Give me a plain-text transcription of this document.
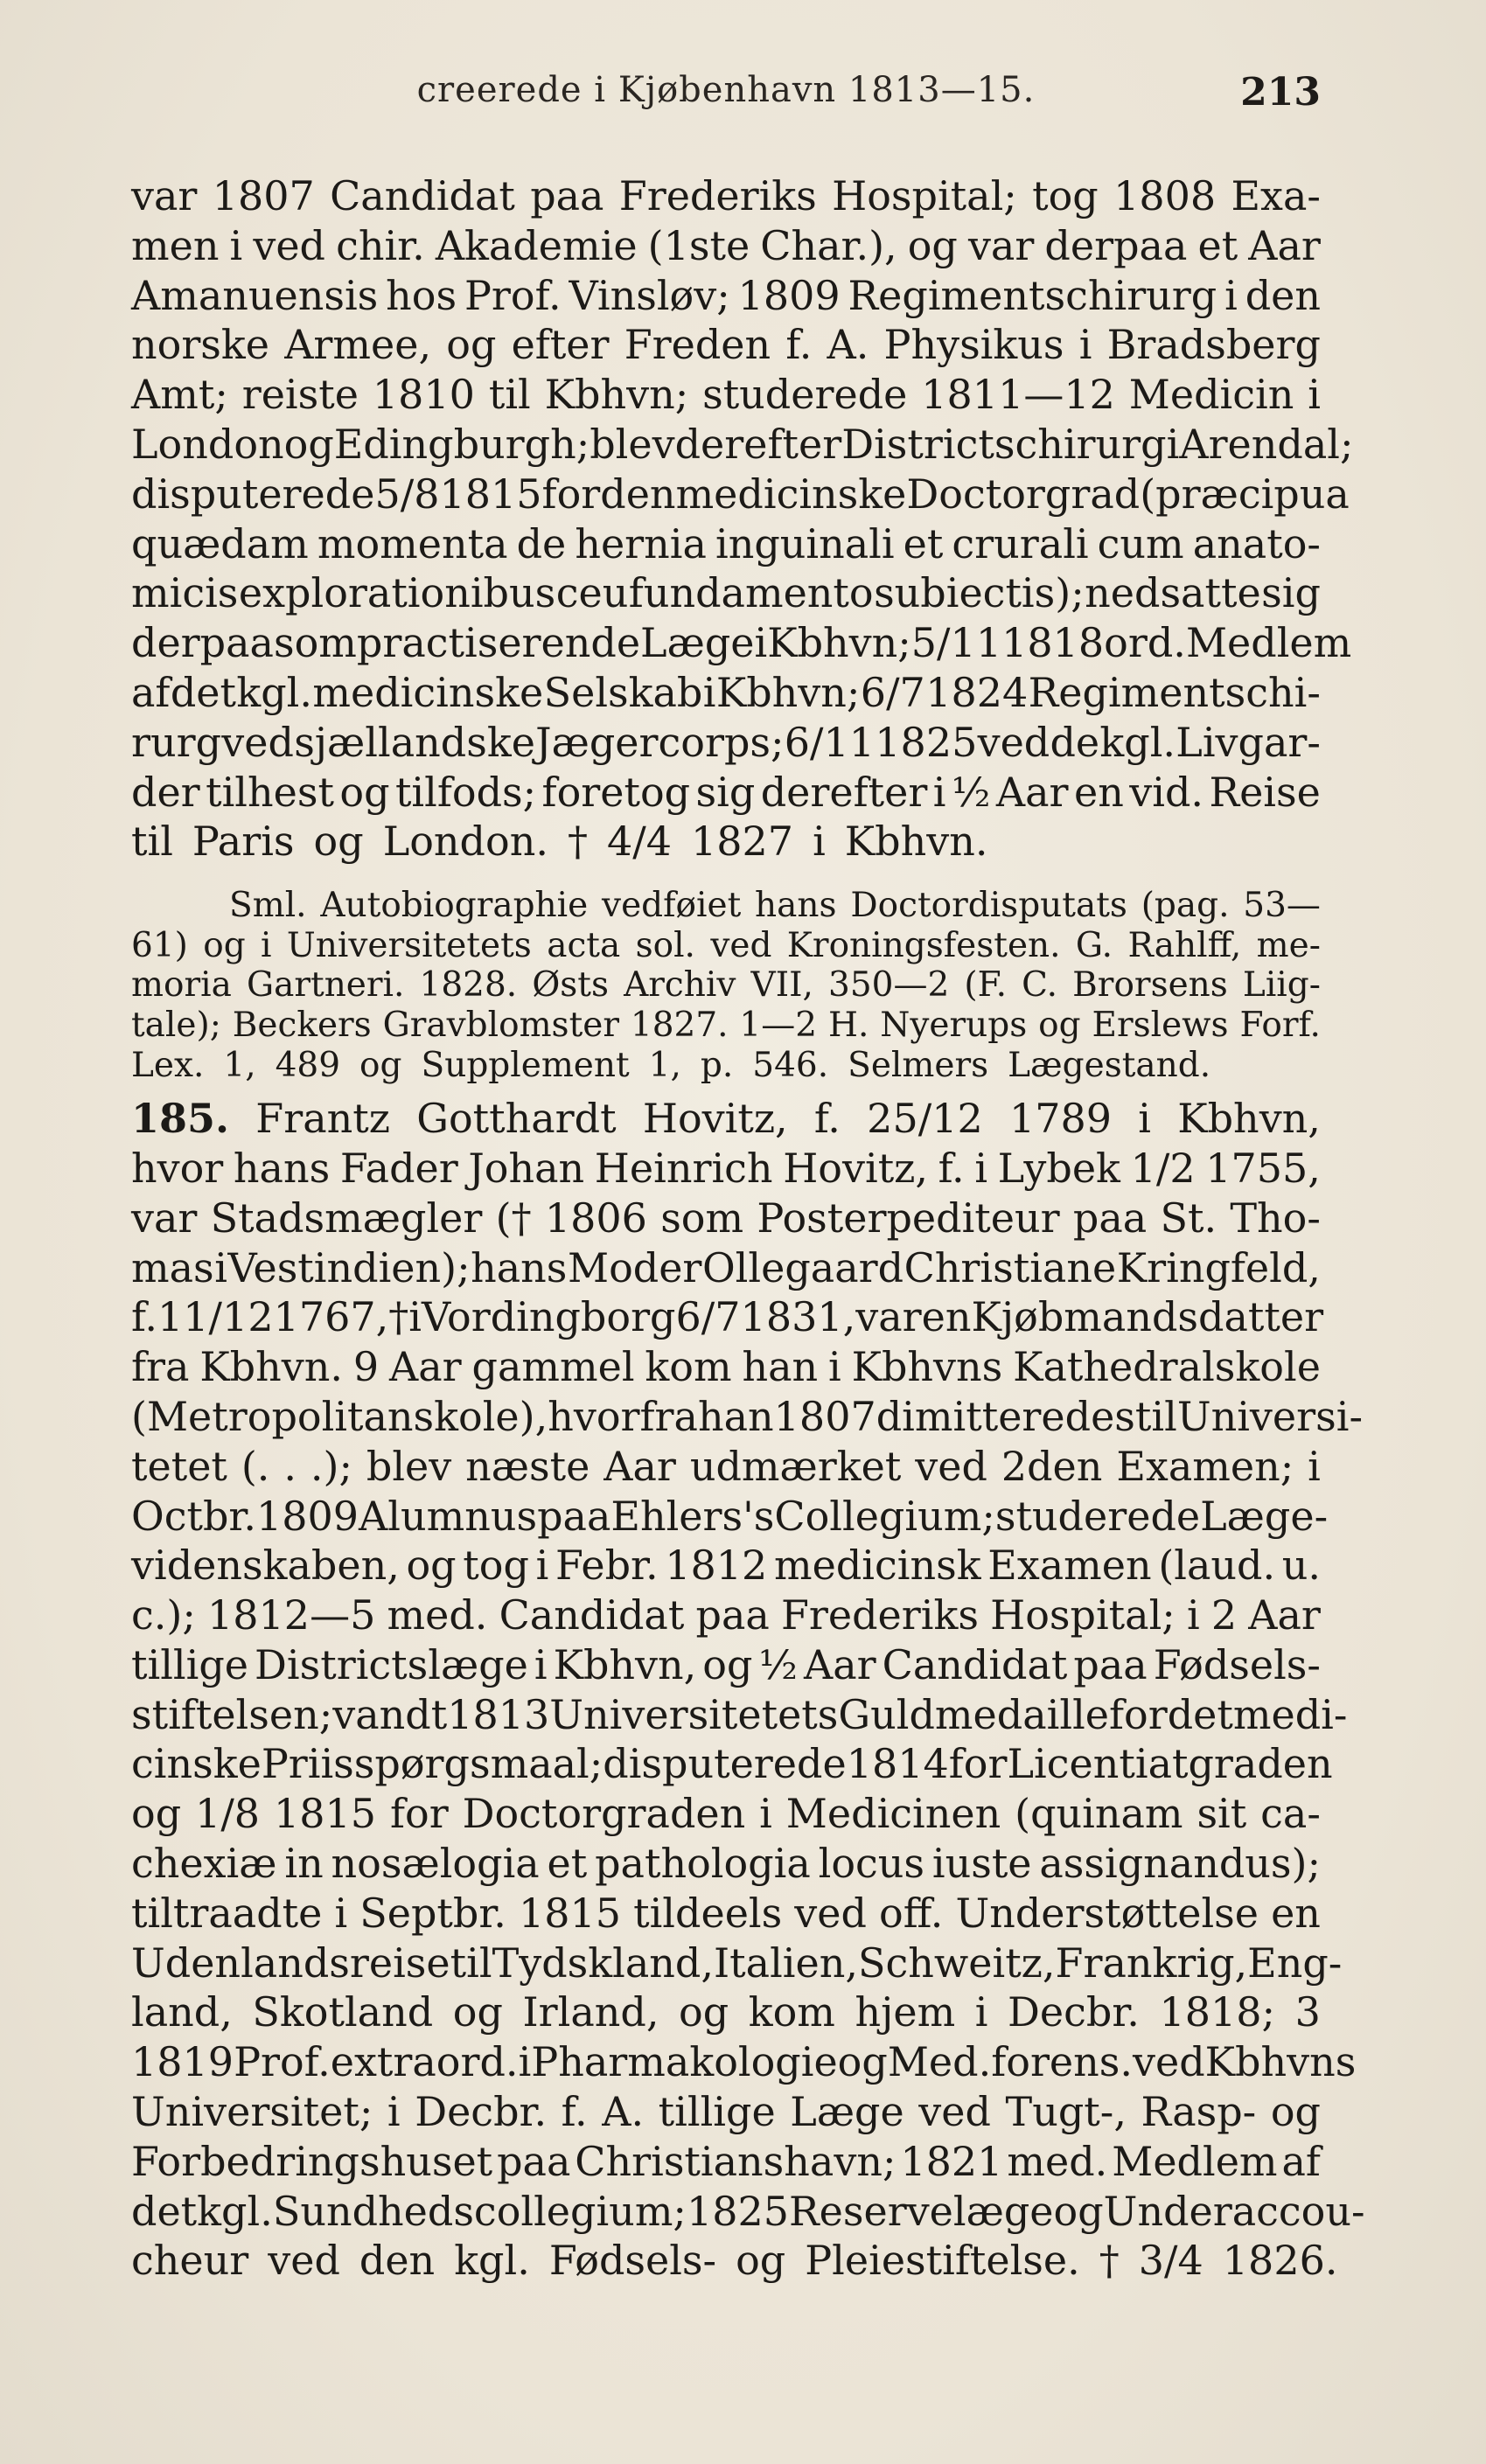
creerede i Kjøbenhavn 1813—15.	213
var 1807 Candidat paa Frederiks Hospital; tog 1808 Exa-
men i ved chir. Akademie (1ste Char.), og var derpaa et Aar
Amanuensis hos Prof. Vinsløv; 1809 Regimentschirurg i den
norske Armee, og efter Freden f. A. Physikus i Bradsberg
Amt; reiste 1810 til Kbhvn; studerede 1811—12 Medicin i
London og Edingburgh; blev derefter Districtschirurg i Arendal;
disputerede 5/8 1815 for den medicinske Doctorgrad (præcipua
quædam momenta de hernia inguinali et crurali cum anato-
micis explorationibus ceu fundamento subiectis); nedsatte sig
derpaa som practiserende Læge i Kbhvn; 5/11 1818 ord. Medlem
af det kgl. medicinske Selskab i Kbhvn; 6/7 1824 Regimentschi-
rurg ved sjællandske Jægercorps; 6/11 1825 ved de kgl. Livgar-
der tilhest og tilfods; foretog sig derefter i ½ Aar en vid. Reise
til Paris og London. † 4/4 1827 i Kbhvn.
Sml. Autobiographie vedføiet hans Doctordisputats (pag. 53—
61) og i Universitetets acta sol. ved Kroningsfesten. G. Rahlff, me-
moria Gartneri. 1828. Østs Archiv VII, 350—2 (F. C. Brorsens Liig-
tale); Beckers Gravblomster 1827. 1—2 H. Nyerups og Erslews Forf.
Lex. 1, 489 og Supplement 1, p. 546. Selmers Lægestand.
185. Frantz Gotthardt Hovitz, f. 25/12 1789 i Kbhvn,
hvor hans Fader Johan Heinrich Hovitz, f. i Lybek 1/2 1755,
var Stadsmægler († 1806 som Posterpediteur paa St. Tho-
mas i Vestindien); hans Moder Ollegaard Christiane Kringfeld,
f. 11/12 1767, † i Vordingborg 6/7 1831, var en Kjøbmandsdatter
fra Kbhvn. 9 Aar gammel kom han i Kbhvns Kathedralskole
(Metropolitanskole), hvorfra han 1807 dimitteredes til Universi-
tetet (. . .); blev næste Aar udmærket ved 2den Examen; i
Octbr. 1809 Alumnus paa Ehlers's Collegium; studerede Læge-
videnskaben, og tog i Febr. 1812 medicinsk Examen (laud. u.
c.); 1812—5 med. Candidat paa Frederiks Hospital; i 2 Aar
tillige Districtslæge i Kbhvn, og ½ Aar Candidat paa Fødsels-
stiftelsen; vandt 1813 Universitetets Guldmedaille for det medi-
cinske Priisspørgsmaal; disputerede 1814 for Licentiatgraden
og 1/8 1815 for Doctorgraden i Medicinen (quinam sit ca-
chexiæ in nosælogia et pathologia locus iuste assignandus);
tiltraadte i Septbr. 1815 tildeels ved off. Understøttelse en
Udenlandsreise til Tydskland, Italien, Schweitz, Frankrig, Eng-
land, Skotland og Irland, og kom hjem i Decbr. 1818; 3
1819 Prof. extraord. i Pharmakologie og Med. forens. ved Kbhvns
Universitet; i Decbr. f. A. tillige Læge ved Tugt-, Rasp- og
Forbedringshuset paa Christianshavn; 1821 med. Medlem af
det kgl. Sundhedscollegium; 1825 Reservelæge og Underaccou-
cheur ved den kgl. Fødsels- og Pleiestiftelse. † 3/4 1826.
